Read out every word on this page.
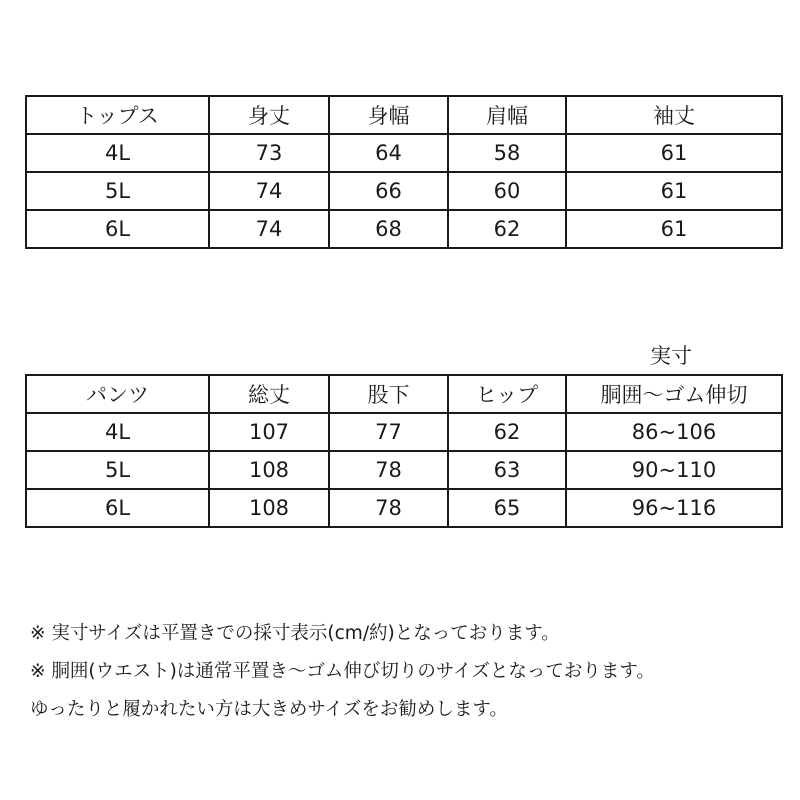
トップス	身丈	身幅	肩幅	袖丈
4L	73	64	58	61
5L	74	66	60	61
6L	74	68	62	61
実寸
パンツ	総丈	股下	ヒップ	胴囲〜ゴム伸切
4L	107	77	62	86~106
5L	108	78	63	90~110
6L	108	78	65	96~116
※ 実寸サイズは平置きでの採寸表示(cm/約)となっております。
※ 胴囲(ウエスト)は通常平置き〜ゴム伸び切りのサイズとなっております。
ゆったりと履かれたい方は大きめサイズをお勧めします。
